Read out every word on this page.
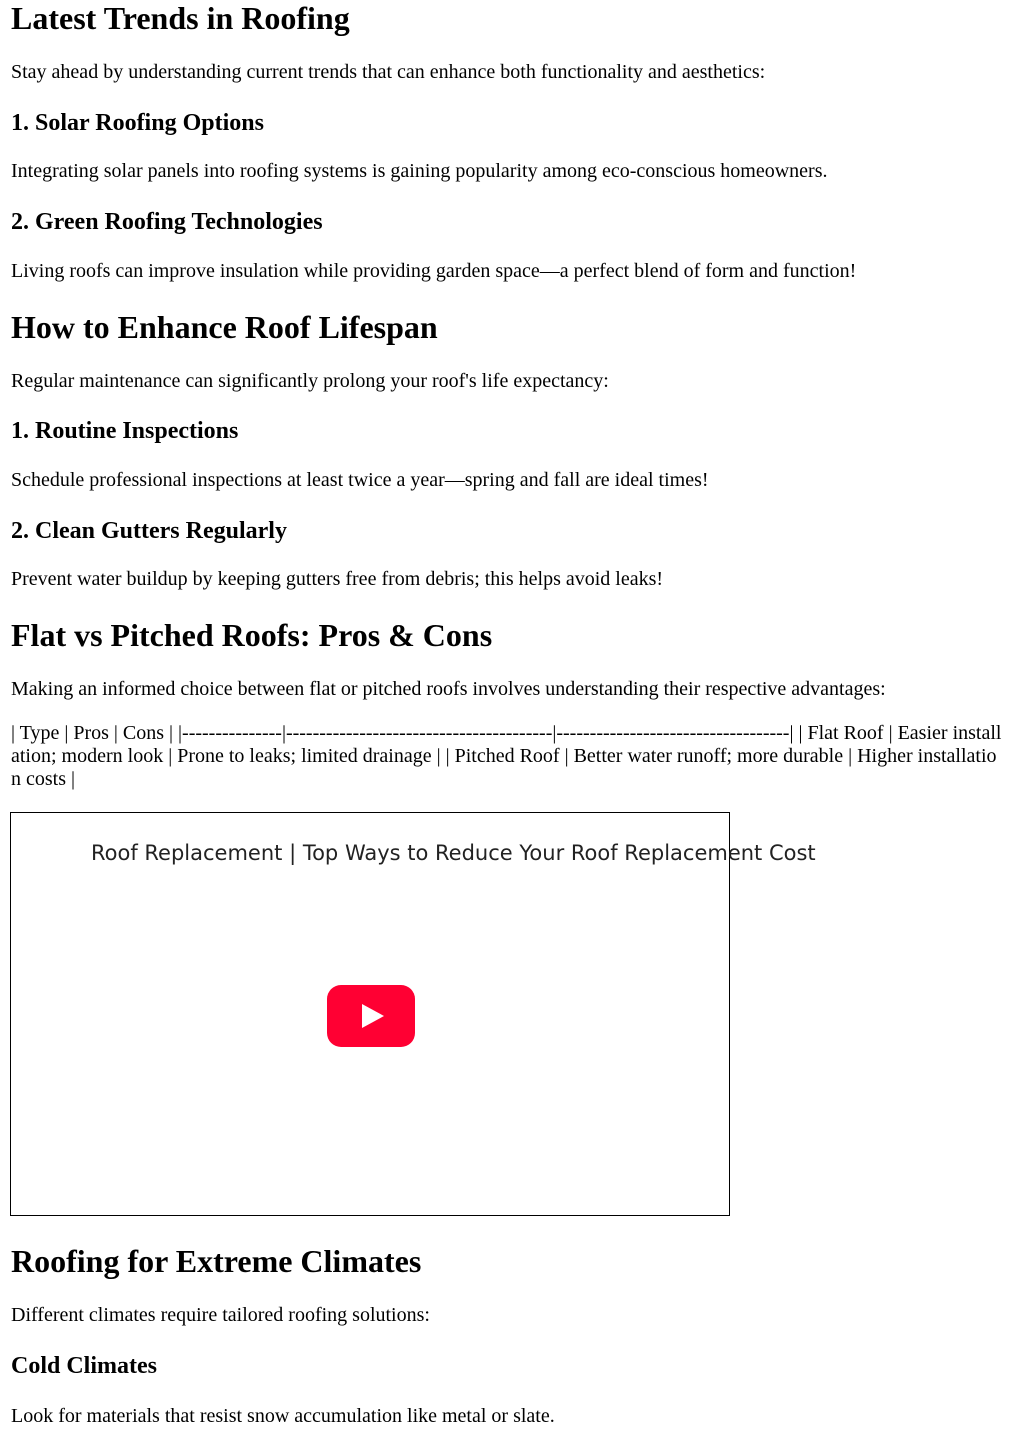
Latest Trends in Roofing

Stay ahead by understanding current trends that can enhance both functionality and aesthetics:

1. Solar Roofing Options

Integrating solar panels into roofing systems is gaining popularity among eco-conscious homeowners.

2. Green Roofing Technologies

Living roofs can improve insulation while providing garden space—a perfect blend of form and function!

How to Enhance Roof Lifespan

Regular maintenance can significantly prolong your roof's life expectancy:

1. Routine Inspections

Schedule professional inspections at least twice a year—spring and fall are ideal times!

2. Clean Gutters Regularly

Prevent water buildup by keeping gutters free from debris; this helps avoid leaks!

Flat vs Pitched Roofs: Pros & Cons

Making an informed choice between flat or pitched roofs involves understanding their respective advantages:

| Type | Pros | Cons | |---------------|----------------------------------------|-----------------------------------| | Flat Roof | Easier installation; modern look | Prone to leaks; limited drainage | | Pitched Roof | Better water runoff; more durable | Higher installation costs |

Roof Replacement | Top Ways to Reduce Your Roof Replacement Cost
Roofing for Extreme Climates

Different climates require tailored roofing solutions:

Cold Climates

Look for materials that resist snow accumulation like metal or slate.
